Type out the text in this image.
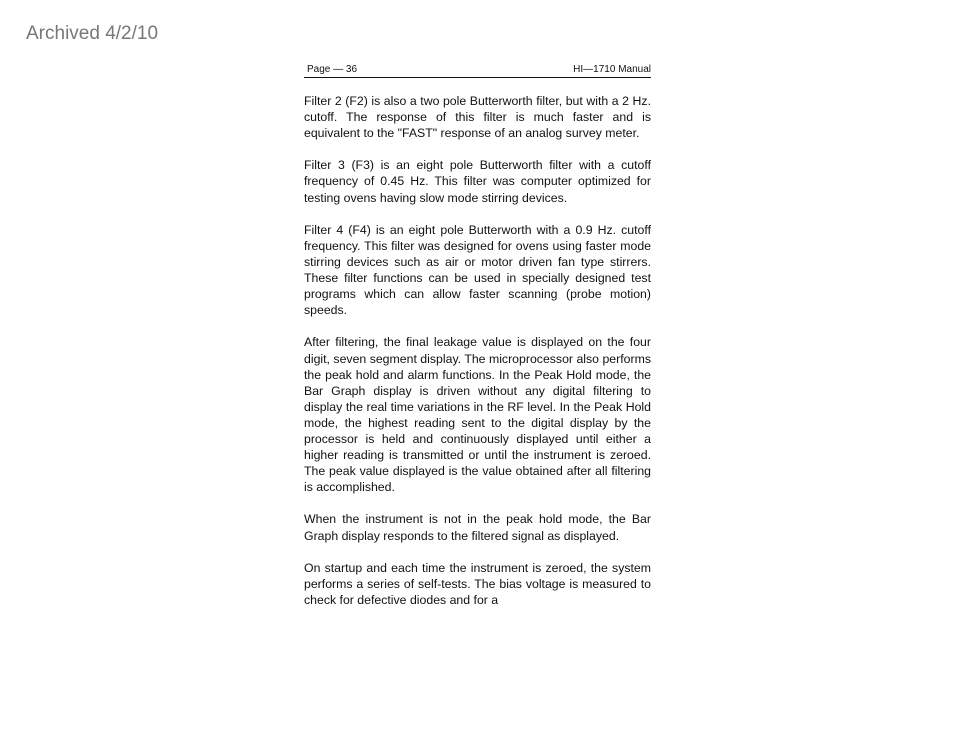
Archived 4/2/10
Page — 36	HI—1710 Manual

Filter 2 (F2) is also a two pole Butterworth filter, but with a 2 Hz. cutoff. The response of this filter is much faster and is equivalent to the "FAST" response of an analog survey meter.

Filter 3 (F3) is an eight pole Butterworth filter with a cutoff frequency of 0.45 Hz. This filter was computer optimized for testing ovens having slow mode stirring devices.

Filter 4 (F4) is an eight pole Butterworth with a 0.9 Hz. cutoff frequency. This filter was designed for ovens using faster mode stirring devices such as air or motor driven fan type stirrers. These filter functions can be used in specially designed test programs which can allow faster scanning (probe motion) speeds.

After filtering, the final leakage value is displayed on the four digit, seven segment display. The microprocessor also performs the peak hold and alarm functions. In the Peak Hold mode, the Bar Graph display is driven without any digital filtering to display the real time variations in the RF level. In the Peak Hold mode, the highest reading sent to the digital display by the processor is held and continuously displayed until either a higher reading is transmitted or until the instrument is zeroed. The peak value displayed is the value obtained after all filtering is accomplished.

When the instrument is not in the peak hold mode, the Bar Graph display responds to the filtered signal as displayed.

On startup and each time the instrument is zeroed, the system performs a series of self-tests. The bias voltage is measured to check for defective diodes and for a
